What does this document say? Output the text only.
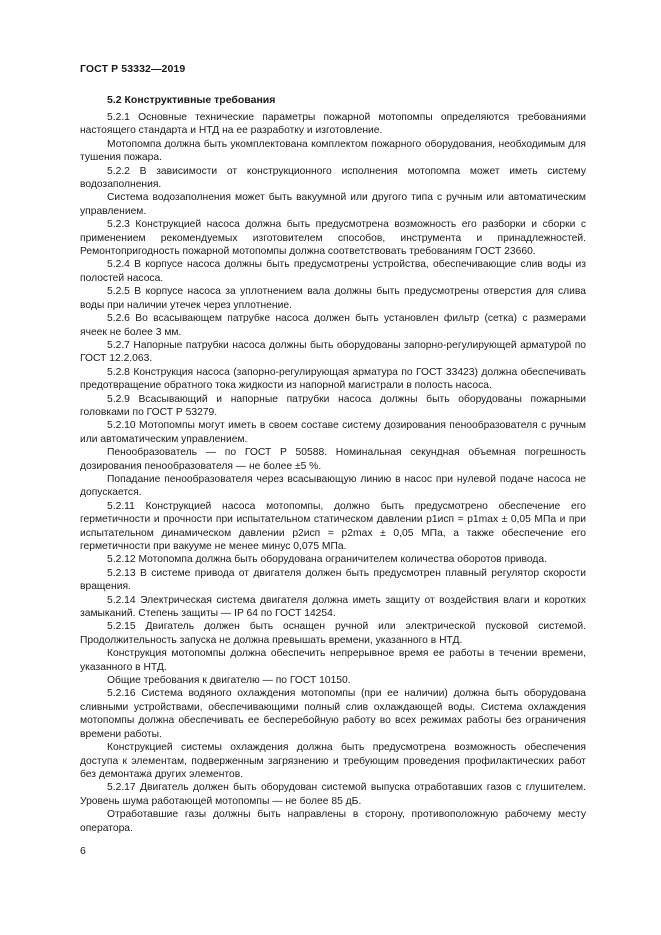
ГОСТ Р 53332—2019
5.2 Конструктивные требования

5.2.1 Основные технические параметры пожарной мотопомпы определяются требованиями настоящего стандарта и НТД на ее разработку и изготовление.

Мотопомпа должна быть укомплектована комплектом пожарного оборудования, необходимым для тушения пожара.

5.2.2 В зависимости от конструкционного исполнения мотопомпа может иметь систему водозаполнения.

Система водозаполнения может быть вакуумной или другого типа с ручным или автоматическим управлением.

5.2.3 Конструкцией насоса должна быть предусмотрена возможность его разборки и сборки с применением рекомендуемых изготовителем способов, инструмента и принадлежностей. Ремонтопригодность пожарной мотопомпы должна соответствовать требованиям ГОСТ 23660.

5.2.4 В корпусе насоса должны быть предусмотрены устройства, обеспечивающие слив воды из полостей насоса.

5.2.5 В корпусе насоса за уплотнением вала должны быть предусмотрены отверстия для слива воды при наличии утечек через уплотнение.

5.2.6 Во всасывающем патрубке насоса должен быть установлен фильтр (сетка) с размерами ячеек не более 3 мм.

5.2.7 Напорные патрубки насоса должны быть оборудованы запорно-регулирующей арматурой по ГОСТ 12.2.063.

5.2.8 Конструкция насоса (запорно-регулирующая арматура по ГОСТ 33423) должна обеспечивать предотвращение обратного тока жидкости из напорной магистрали в полость насоса.

5.2.9 Всасывающий и напорные патрубки насоса должны быть оборудованы пожарными головками по ГОСТ Р 53279.

5.2.10 Мотопомпы могут иметь в своем составе систему дозирования пенообразователя с ручным или автоматическим управлением.

Пенообразователь — по ГОСТ Р 50588. Номинальная секундная объемная погрешность дозирования пенообразователя — не более ±5 %.

Попадание пенообразователя через всасывающую линию в насос при нулевой подаче насоса не допускается.

5.2.11 Конструкцией насоса мотопомпы, должно быть предусмотрено обеспечение его герметичности и прочности при испытательном статическом давлении p1исп = p1max ± 0,05 МПа и при испытательном динамическом давлении p2исп = p2max ± 0,05 МПа, а также обеспечение его герметичности при вакууме не менее минус 0,075 МПа.

5.2.12 Мотопомпа должна быть оборудована ограничителем количества оборотов привода.

5.2.13 В системе привода от двигателя должен быть предусмотрен плавный регулятор скорости вращения.

5.2.14 Электрическая система двигателя должна иметь защиту от воздействия влаги и коротких замыканий. Степень защиты — IP 64 по ГОСТ 14254.

5.2.15 Двигатель должен быть оснащен ручной или электрической пусковой системой. Продолжительность запуска не должна превышать времени, указанного в НТД.

Конструкция мотопомпы должна обеспечить непрерывное время ее работы в течении времени, указанного в НТД.

Общие требования к двигателю — по ГОСТ 10150.

5.2.16 Система водяного охлаждения мотопомпы (при ее наличии) должна быть оборудована сливными устройствами, обеспечивающими полный слив охлаждающей воды. Система охлаждения мотопомпы должна обеспечивать ее бесперебойную работу во всех режимах работы без ограничения времени работы.

Конструкцией системы охлаждения должна быть предусмотрена возможность обеспечения доступа к элементам, подверженным загрязнению и требующим проведения профилактических работ без демонтажа других элементов.

5.2.17 Двигатель должен быть оборудован системой выпуска отработавших газов с глушителем. Уровень шума работающей мотопомпы — не более 85 дБ.

Отработавшие газы должны быть направлены в сторону, противоположную рабочему месту оператора.

6
